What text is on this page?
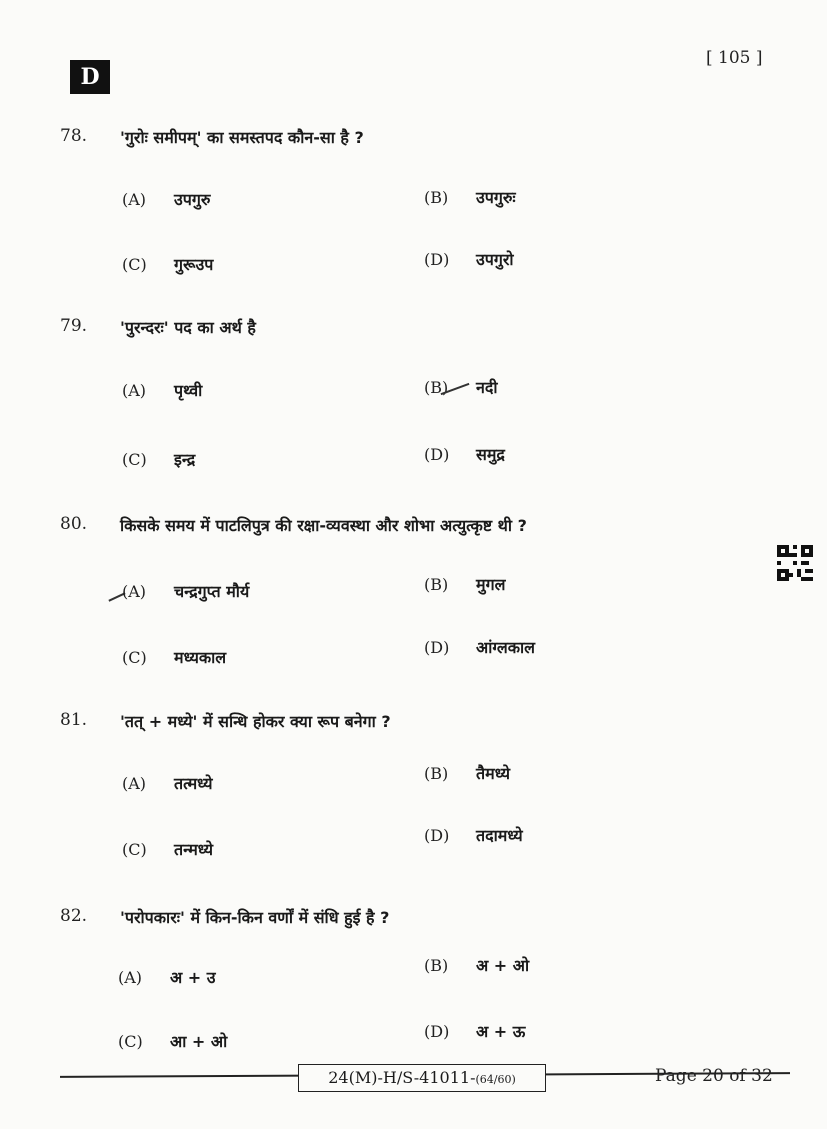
D
[ 105 ]
78. 'गुरोः समीपम्' का समस्तपद कौन-सा है ?
(A) उपगुरु	(B) उपगुरुः
(C) गुरूउप	(D) उपगुरो
79. 'पुरन्दरः' पद का अर्थ है
(A) पृथ्वी	(B) नदी
(C) इन्द्र	(D) समुद्र
80. किसके समय में पाटलिपुत्र की रक्षा-व्यवस्था और शोभा अत्युत्कृष्ट थी ?
(A) चन्द्रगुप्त मौर्य	(B) मुगल
(C) मध्यकाल
(D) आंग्लकाल
81. 'तत् + मध्ये' में सन्धि होकर क्या रूप बनेगा ?
(A) तत्मध्ये
(B) तैमध्ये
(C) तन्मध्ये
(D) तदामध्ये
82. 'परोपकारः' में किन-किन वर्णों में संधि हुई है ?
(A) अ + उ
(B) अ + ओ
(C) आ + ओ
(D) अ + ऊ
24(M)-H/S-41011-(64/60)	Page 20 of 32
